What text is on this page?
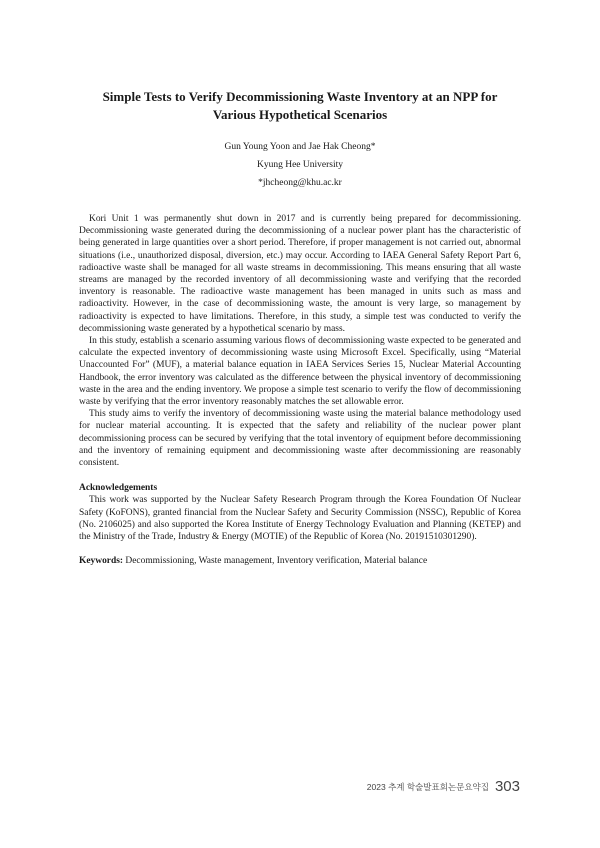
Simple Tests to Verify Decommissioning Waste Inventory at an NPP for
Various Hypothetical Scenarios
Gun Young Yoon and Jae Hak Cheong*
Kyung Hee University
*jhcheong@khu.ac.kr

Kori Unit 1 was permanently shut down in 2017 and is currently being prepared for decommissioning. Decommissioning waste generated during the decommissioning of a nuclear power plant has the characteristic of being generated in large quantities over a short period. Therefore, if proper management is not carried out, abnormal situations (i.e., unauthorized disposal, diversion, etc.) may occur. According to IAEA General Safety Report Part 6, radioactive waste shall be managed for all waste streams in decommissioning. This means ensuring that all waste streams are managed by the recorded inventory of all decommissioning waste and verifying that the recorded inventory is reasonable. The radioactive waste management has been managed in units such as mass and radioactivity. However, in the case of decommissioning waste, the amount is very large, so management by radioactivity is expected to have limitations. Therefore, in this study, a simple test was conducted to verify the decommissioning waste generated by a hypothetical scenario by mass.

In this study, establish a scenario assuming various flows of decommissioning waste expected to be generated and calculate the expected inventory of decommissioning waste using Microsoft Excel. Specifically, using “Material Unaccounted For” (MUF), a material balance equation in IAEA Services Series 15, Nuclear Material Accounting Handbook, the error inventory was calculated as the difference between the physical inventory of decommissioning waste in the area and the ending inventory. We propose a simple test scenario to verify the flow of decommissioning waste by verifying that the error inventory reasonably matches the set allowable error.

This study aims to verify the inventory of decommissioning waste using the material balance methodology used for nuclear material accounting. It is expected that the safety and reliability of the nuclear power plant decommissioning process can be secured by verifying that the total inventory of equipment before decommissioning and the inventory of remaining equipment and decommissioning waste after decommissioning are reasonably consistent.

Acknowledgements

This work was supported by the Nuclear Safety Research Program through the Korea Foundation Of Nuclear Safety (KoFONS), granted financial from the Nuclear Safety and Security Commission (NSSC), Republic of Korea (No. 2106025) and also supported the Korea Institute of Energy Technology Evaluation and Planning (KETEP) and the Ministry of the Trade, Industry & Energy (MOTIE) of the Republic of Korea (No. 20191510301290).

Keywords: Decommissioning, Waste management, Inventory verification, Material balance
2023 추계 학술발표회논문요약집 303
